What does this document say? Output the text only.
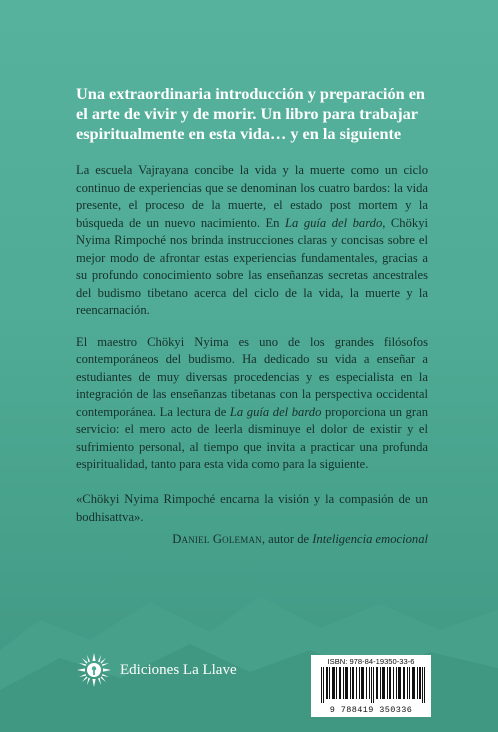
Una extraordinaria introducción y preparación en
el arte de vivir y de morir. Un libro para trabajar
espiritualmente en esta vida… y en la siguiente

La escuela Vajrayana concibe la vida y la muerte como un ciclo continuo de experiencias que se denominan los cuatro bardos: la vida presente, el proceso de la muerte, el estado post mortem y la búsqueda de un nuevo nacimiento. En La guía del bardo, Chökyi Nyima Rimpoché nos brinda instrucciones claras y concisas sobre el mejor modo de afrontar estas experiencias fundamentales, gracias a su profundo conocimiento sobre las enseñanzas secretas ancestrales del budismo tibetano acerca del ciclo de la vida, la muerte y la reencarnación.

El maestro Chökyi Nyima es uno de los grandes filósofos contemporáneos del budismo. Ha dedicado su vida a enseñar a estudiantes de muy diversas procedencias y es especialista en la integración de las enseñanzas tibetanas con la perspectiva occidental contemporánea. La lectura de La guía del bardo proporciona un gran servicio: el mero acto de leerla disminuye el dolor de existir y el sufrimiento personal, al tiempo que invita a practicar una profunda espiritualidad, tanto para esta vida como para la siguiente.

«Chökyi Nyima Rimpoché encarna la visión y la compasión de un bodhisattva».
Daniel Goleman, autor de Inteligencia emocional
Ediciones La Llave	ISBN: 978-84-19350-33-6
9 788419 350336
